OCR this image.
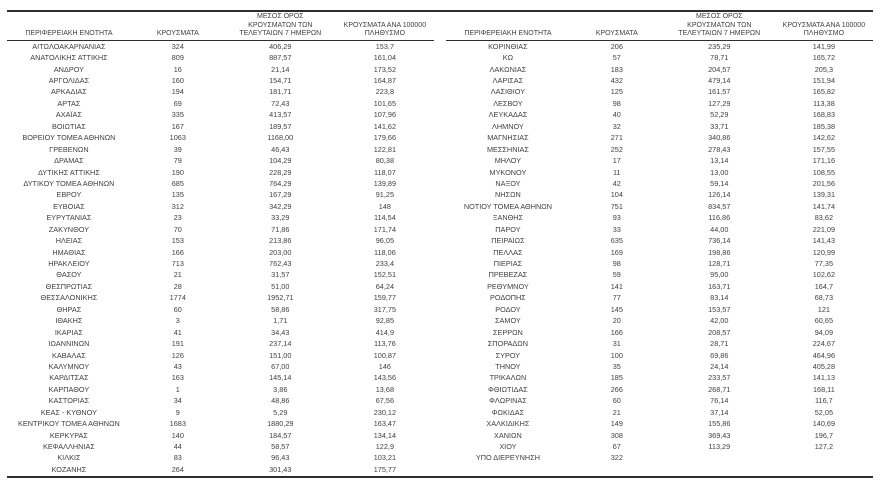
ΠΕΡΙΦΕΡΕΙΑΚΗ ΕΝΟΤΗΤΑ	ΚΡΟΥΣΜΑΤΑ
ΜΕΣΟΣ ΟΡΟΣ
ΚΡΟΥΣΜΑΤΩΝ ΤΩΝ
ΤΕΛΕΥΤΑΙΩΝ 7 ΗΜΕΡΩΝ
ΚΡΟΥΣΜΑΤΑ ΑΝΑ 100000
ΠΛΗΘΥΣΜΟ
ΑΙΤΩΛΟΑΚΑΡΝΑΝΙΑΣ	324	406,29	153,7
ΑΝΑΤΟΛΙΚΗΣ ΑΤΤΙΚΗΣ	809	887,57	161,04
ΑΝΔΡΟΥ	16	21,14	173,52
ΑΡΓΟΛΙΔΑΣ	160	154,71	164,87
ΑΡΚΑΔΙΑΣ	194	181,71	223,8
ΑΡΤΑΣ	69	72,43	101,65
ΑΧΑΪΑΣ	335	413,57	107,96
ΒΟΙΩΤΙΑΣ	167	189,57	141,62
ΒΟΡΕΙΟΥ ΤΟΜΕΑ ΑΘΗΝΩΝ	1063	1168,00	179,66
ΓΡΕΒΕΝΩΝ	39	46,43	122,81
ΔΡΑΜΑΣ	79	104,29	80,38
ΔΥΤΙΚΗΣ ΑΤΤΙΚΗΣ	190	228,29	118,07
ΔΥΤΙΚΟΥ ΤΟΜΕΑ ΑΘΗΝΩΝ	685	764,29	139,89
ΕΒΡΟΥ	135	167,29	91,25
ΕΥΒΟΙΑΣ	312	342,29	148
ΕΥΡΥΤΑΝΙΑΣ	23	33,29	114,54
ΖΑΚΥΝΘΟΥ	70	71,86	171,74
ΗΛΕΙΑΣ	153	213,86	96,05
ΗΜΑΘΙΑΣ	166	203,00	118,06
ΗΡΑΚΛΕΙΟΥ	713	762,43	233,4
ΘΑΣΟΥ	21	31,57	152,51
ΘΕΣΠΡΩΤΙΑΣ	28	51,00	64,24
ΘΕΣΣΑΛΟΝΙΚΗΣ	1774	1952,71	159,77
ΘΗΡΑΣ	60	58,86	317,75
ΙΘΑΚΗΣ	3	1,71	92,85
ΙΚΑΡΙΑΣ	41	34,43	414,9
ΙΩΑΝΝΙΝΩΝ	191	237,14	113,76
ΚΑΒΑΛΑΣ	126	151,00	100,87
ΚΑΛΥΜΝΟΥ	43	67,00	146
ΚΑΡΔΙΤΣΑΣ	163	145,14	143,56
ΚΑΡΠΑΘΟΥ	1	3,86	13,68
ΚΑΣΤΟΡΙΑΣ	34	48,86	67,56
ΚΕΑΣ - ΚΥΘΝΟΥ	9	5,29	230,12
ΚΕΝΤΡΙΚΟΥ ΤΟΜΕΑ ΑΘΗΝΩΝ	1683	1880,29	163,47
ΚΕΡΚΥΡΑΣ	140	184,57	134,14
ΚΕΦΑΛΛΗΝΙΑΣ	44	58,57	122,9
ΚΙΛΚΙΣ	83	96,43	103,21
ΚΟΖΑΝΗΣ	264	301,43	175,77
ΠΕΡΙΦΕΡΕΙΑΚΗ ΕΝΟΤΗΤΑ	ΚΡΟΥΣΜΑΤΑ
ΜΕΣΟΣ ΟΡΟΣ
ΚΡΟΥΣΜΑΤΩΝ ΤΩΝ
ΤΕΛΕΥΤΑΙΩΝ 7 ΗΜΕΡΩΝ
ΚΡΟΥΣΜΑΤΑ ΑΝΑ 100000
ΠΛΗΘΥΣΜΟ
ΚΟΡΙΝΘΙΑΣ	206	235,29	141,99
ΚΩ	57	78,71	165,72
ΛΑΚΩΝΙΑΣ	183	204,57	205,3
ΛΑΡΙΣΑΣ	432	479,14	151,94
ΛΑΣΙΘΙΟΥ	125	161,57	165,82
ΛΕΣΒΟΥ	98	127,29	113,38
ΛΕΥΚΑΔΑΣ	40	52,29	168,83
ΛΗΜΝΟΥ	32	33,71	185,38
ΜΑΓΝΗΣΙΑΣ	271	340,86	142,62
ΜΕΣΣΗΝΙΑΣ	252	278,43	157,55
ΜΗΛΟΥ	17	13,14	171,16
ΜΥΚΟΝΟΥ	11	13,00	108,55
ΝΑΞΟΥ	42	59,14	201,56
ΝΗΣΩΝ	104	126,14	139,31
ΝΟΤΙΟΥ ΤΟΜΕΑ ΑΘΗΝΩΝ	751	834,57	141,74
ΞΑΝΘΗΣ	93	116,86	83,62
ΠΑΡΟΥ	33	44,00	221,09
ΠΕΙΡΑΙΩΣ	635	736,14	141,43
ΠΕΛΛΑΣ	169	198,86	120,99
ΠΙΕΡΙΑΣ	98	128,71	77,35
ΠΡΕΒΕΖΑΣ	59	95,00	102,62
ΡΕΘΥΜΝΟΥ	141	163,71	164,7
ΡΟΔΟΠΗΣ	77	83,14	68,73
ΡΟΔΟΥ	145	153,57	121
ΣΑΜΟΥ	20	42,00	60,65
ΣΕΡΡΩΝ	166	208,57	94,09
ΣΠΟΡΑΔΩΝ	31	28,71	224,67
ΣΥΡΟΥ	100	69,86	464,96
ΤΗΝΟΥ	35	24,14	405,28
ΤΡΙΚΑΛΩΝ	185	233,57	141,13
ΦΘΙΩΤΙΔΑΣ	266	268,71	168,11
ΦΛΩΡΙΝΑΣ	60	76,14	116,7
ΦΩΚΙΔΑΣ	21	37,14	52,05
ΧΑΛΚΙΔΙΚΗΣ	149	155,86	140,69
ΧΑΝΙΩΝ	308	369,43	196,7
ΧΙΟΥ	67	113,29	127,2
ΥΠΟ ΔΙΕΡΕΥΝΗΣΗ	322
